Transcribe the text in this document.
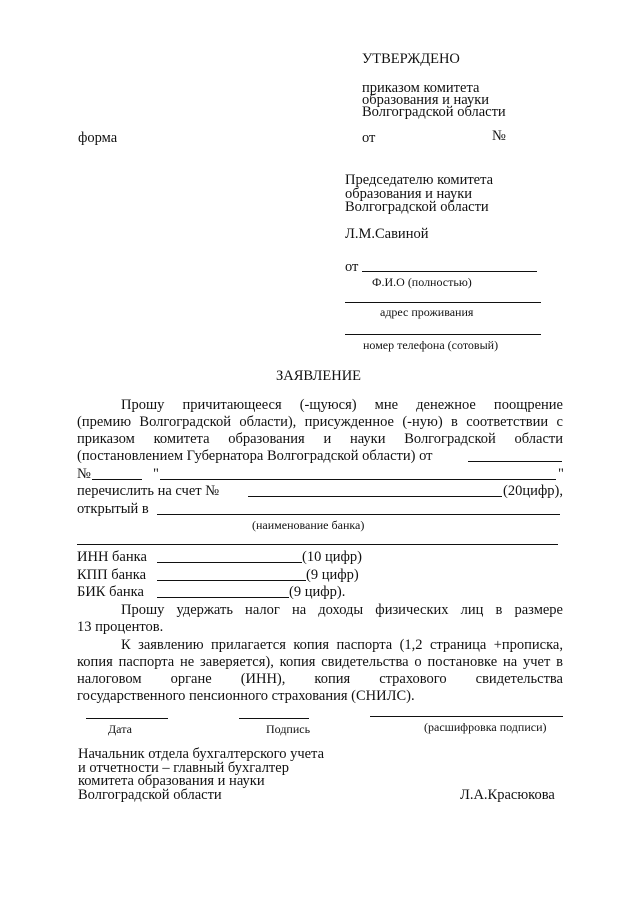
УТВЕРЖДЕНО
приказом комитета
образования и науки
Волгоградской области
форма	от	№
Председателю комитета
образования и науки
Волгоградской области
Л.М.Савиной
от
Ф.И.О (полностью)
адрес проживания
номер телефона (сотовый)
ЗАЯВЛЕНИЕ
Прошу причитающееся (-щуюся) мне денежное поощрение
(премию Волгоградской области), присужденное (-ную) в соответствии с
приказом комитета образования и науки Волгоградской области
(постановлением Губернатора Волгоградской области) от
№	"	"
перечислить на счет №	(20цифр),
открытый в
(наименование банка)
ИНН банка	(10 цифр)
КПП банка	(9 цифр)
БИК банка	(9 цифр).
Прошу удержать налог на доходы физических лиц в размере
13 процентов.
К заявлению прилагается копия паспорта (1,2 страница +прописка,
копия паспорта не заверяется), копия свидетельства о постановке на учет в
налоговом органе (ИНН), копия страхового свидетельства
государственного пенсионного страхования (СНИЛС).
Дата	Подпись	(расшифровка подписи)
Начальник отдела бухгалтерского учета
и отчетности – главный бухгалтер
комитета образования и науки
Волгоградской области	Л.А.Красюкова
